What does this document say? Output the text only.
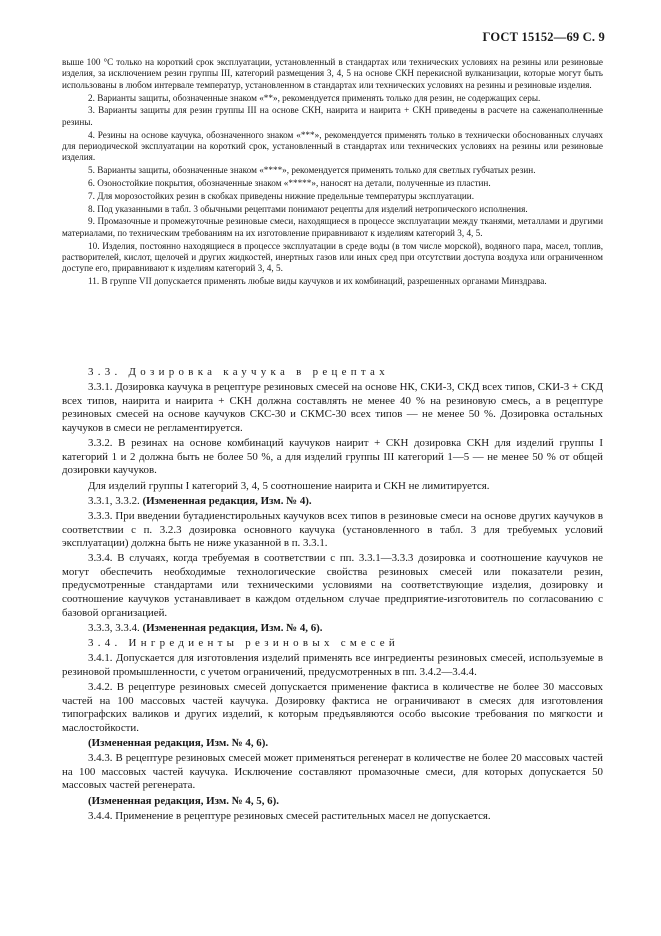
ГОСТ 15152—69 С. 9

выше 100 °С только на короткий срок эксплуатации, установленный в стандартах или технических условиях на резины или резиновые изделия, за исключением резин группы III, категорий размещения 3, 4, 5 на основе СКН перекисной вулканизации, которые могут быть использованы в любом интервале температур, установленном в стандартах или технических условиях на резины и резиновые изделия.

2. Варианты защиты, обозначенные знаком «**», рекомендуется применять только для резин, не содержащих серы.

3. Варианты защиты для резин группы III на основе СКН, наирита и наирита + СКН приведены в расчете на саженаполненные резины.

4. Резины на основе каучука, обозначенного знаком «***», рекомендуется применять только в технически обоснованных случаях для периодической эксплуатации на короткий срок, установленный в стандартах или технических условиях на резины или резиновые изделия.

5. Варианты защиты, обозначенные знаком «****», рекомендуется применять только для светлых губчатых резин.

6. Озоностойкие покрытия, обозначенные знаком «*****», наносят на детали, полученные из пластин.

7. Для морозостойких резин в скобках приведены нижние предельные температуры эксплуатации.

8. Под указанными в табл. 3 обычными рецептами понимают рецепты для изделий нетропического исполнения.

9. Промазочные и промежуточные резиновые смеси, находящиеся в процессе эксплуатации между тканями, металлами и другими материалами, по техническим требованиям на их изготовление приравнивают к изделиям категорий 3, 4, 5.

10. Изделия, постоянно находящиеся в процессе эксплуатации в среде воды (в том числе морской), водяного пара, масел, топлив, растворителей, кислот, щелочей и других жидкостей, инертных газов или иных сред при отсутствии доступа воздуха или ограниченном доступе его, приравнивают к изделиям категорий 3, 4, 5.

11. В группе VII допускается применять любые виды каучуков и их комбинаций, разрешенных органами Минздрава.

3.3. Дозировка каучука в рецептах

3.3.1. Дозировка каучука в рецептуре резиновых смесей на основе НК, СКИ-3, СКД всех типов, СКИ-3 + СКД всех типов, наирита и наирита + СКН должна составлять не менее 40 % на резиновую смесь, а в рецептуре резиновых смесей на основе каучуков СКС-30 и СКМС-30 всех типов — не менее 50 %. Дозировка остальных каучуков в смеси не регламентируется.

3.3.2. В резинах на основе комбинаций каучуков наирит + СКН дозировка СКН для изделий группы I категорий 1 и 2 должна быть не более 50 %, а для изделий группы III категорий 1—5 — не менее 50 % от общей дозировки каучуков.

Для изделий группы I категорий 3, 4, 5 соотношение наирита и СКН не лимитируется.

3.3.1, 3.3.2. (Измененная редакция, Изм. № 4).

3.3.3. При введении бутадиенстирольных каучуков всех типов в резиновые смеси на основе других каучуков в соответствии с п. 3.2.3 дозировка основного каучука (установленного в табл. 3 для требуемых условий эксплуатации) должна быть не ниже указанной в п. 3.3.1.

3.3.4. В случаях, когда требуемая в соответствии с пп. 3.3.1—3.3.3 дозировка и соотношение каучуков не могут обеспечить необходимые технологические свойства резиновых смесей или показатели резин, предусмотренные стандартами или техническими условиями на соответствующие изделия, дозировку и соотношение каучуков устанавливает в каждом отдельном случае предприятие-изготовитель по согласованию с базовой организацией.

3.3.3, 3.3.4. (Измененная редакция, Изм. № 4, 6).

3.4. Ингредиенты резиновых смесей

3.4.1. Допускается для изготовления изделий применять все ингредиенты резиновых смесей, используемые в резиновой промышленности, с учетом ограничений, предусмотренных в пп. 3.4.2—3.4.4.

3.4.2. В рецептуре резиновых смесей допускается применение фактиса в количестве не более 30 массовых частей на 100 массовых частей каучука. Дозировку фактиса не ограничивают в смесях для изготовления типографских валиков и других изделий, к которым предъявляются особо высокие требования по мягкости и маслостойкости.

(Измененная редакция, Изм. № 4, 6).

3.4.3. В рецептуре резиновых смесей может применяться регенерат в количестве не более 20 массовых частей на 100 массовых частей каучука. Исключение составляют промазочные смеси, для которых допускается 50 массовых частей регенерата.

(Измененная редакция, Изм. № 4, 5, 6).

3.4.4. Применение в рецептуре резиновых смесей растительных масел не допускается.
